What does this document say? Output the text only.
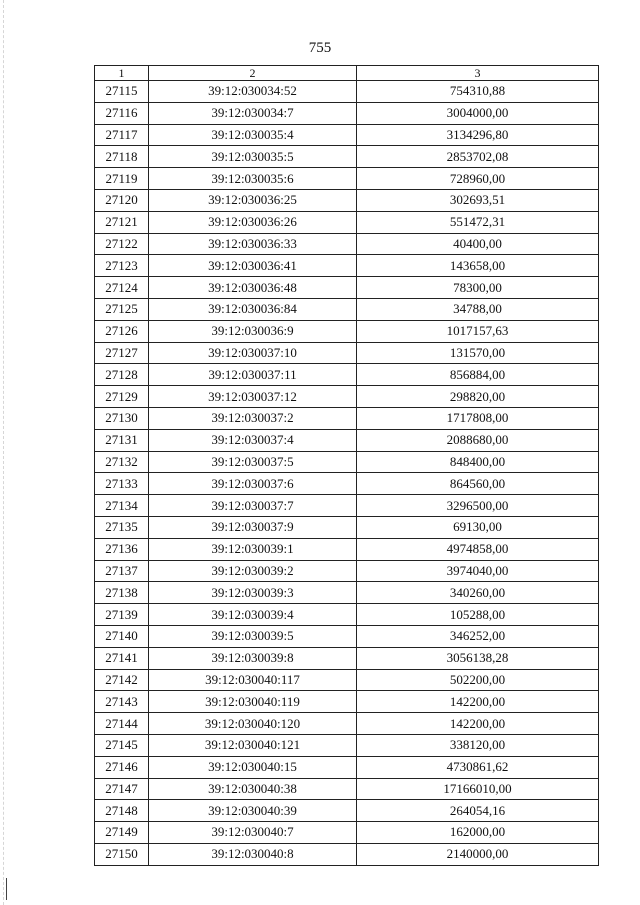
755
1	2	3
27115	39:12:030034:52	754310,88
27116	39:12:030034:7	3004000,00
27117	39:12:030035:4	3134296,80
27118	39:12:030035:5	2853702,08
27119	39:12:030035:6	728960,00
27120	39:12:030036:25	302693,51
27121	39:12:030036:26	551472,31
27122	39:12:030036:33	40400,00
27123	39:12:030036:41	143658,00
27124	39:12:030036:48	78300,00
27125	39:12:030036:84	34788,00
27126	39:12:030036:9	1017157,63
27127	39:12:030037:10	131570,00
27128	39:12:030037:11	856884,00
27129	39:12:030037:12	298820,00
27130	39:12:030037:2	1717808,00
27131	39:12:030037:4	2088680,00
27132	39:12:030037:5	848400,00
27133	39:12:030037:6	864560,00
27134	39:12:030037:7	3296500,00
27135	39:12:030037:9	69130,00
27136	39:12:030039:1	4974858,00
27137	39:12:030039:2	3974040,00
27138	39:12:030039:3	340260,00
27139	39:12:030039:4	105288,00
27140	39:12:030039:5	346252,00
27141	39:12:030039:8	3056138,28
27142	39:12:030040:117	502200,00
27143	39:12:030040:119	142200,00
27144	39:12:030040:120	142200,00
27145	39:12:030040:121	338120,00
27146	39:12:030040:15	4730861,62
27147	39:12:030040:38	17166010,00
27148	39:12:030040:39	264054,16
27149	39:12:030040:7	162000,00
27150	39:12:030040:8	2140000,00
